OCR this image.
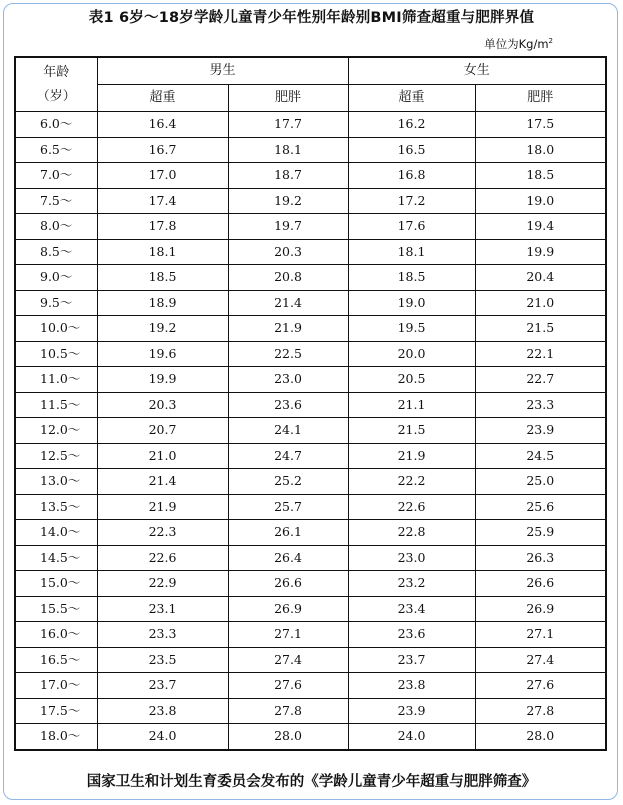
表1 6岁～18岁学龄儿童青少年性别年龄别BMI筛查超重与肥胖界值
单位为$Kg/m^2$
年龄
（岁）	男生		女生	
	超重	肥胖	超重	肥胖
6.0～	16.4	17.7	16.2	17.5
6.5～	16.7	18.1	16.5	18.0
7.0～	17.0	18.7	16.8	18.5
7.5～	17.4	19.2	17.2	19.0
8.0～	17.8	19.7	17.6	19.4
8.5～	18.1	20.3	18.1	19.9
9.0～	18.5	20.8	18.5	20.4
9.5～	18.9	21.4	19.0	21.0
10.0～	19.2	21.9	19.5	21.5
10.5～	19.6	22.5	20.0	22.1
11.0～	19.9	23.0	20.5	22.7
11.5～	20.3	23.6	21.1	23.3
12.0～	20.7	24.1	21.5	23.9
12.5～	21.0	24.7	21.9	24.5
13.0～	21.4	25.2	22.2	25.0
13.5～	21.9	25.7	22.6	25.6
14.0～	22.3	26.1	22.8	25.9
14.5～	22.6	26.4	23.0	26.3
15.0～	22.9	26.6	23.2	26.6
15.5～	23.1	26.9	23.4	26.9
16.0～	23.3	27.1	23.6	27.1
16.5～	23.5	27.4	23.7	27.4
17.0～	23.7	27.6	23.8	27.6
17.5～	23.8	27.8	23.9	27.8
18.0～	24.0	28.0	24.0	28.0
国家卫生和计划生育委员会发布的《学龄儿童青少年超重与肥胖筛查》
